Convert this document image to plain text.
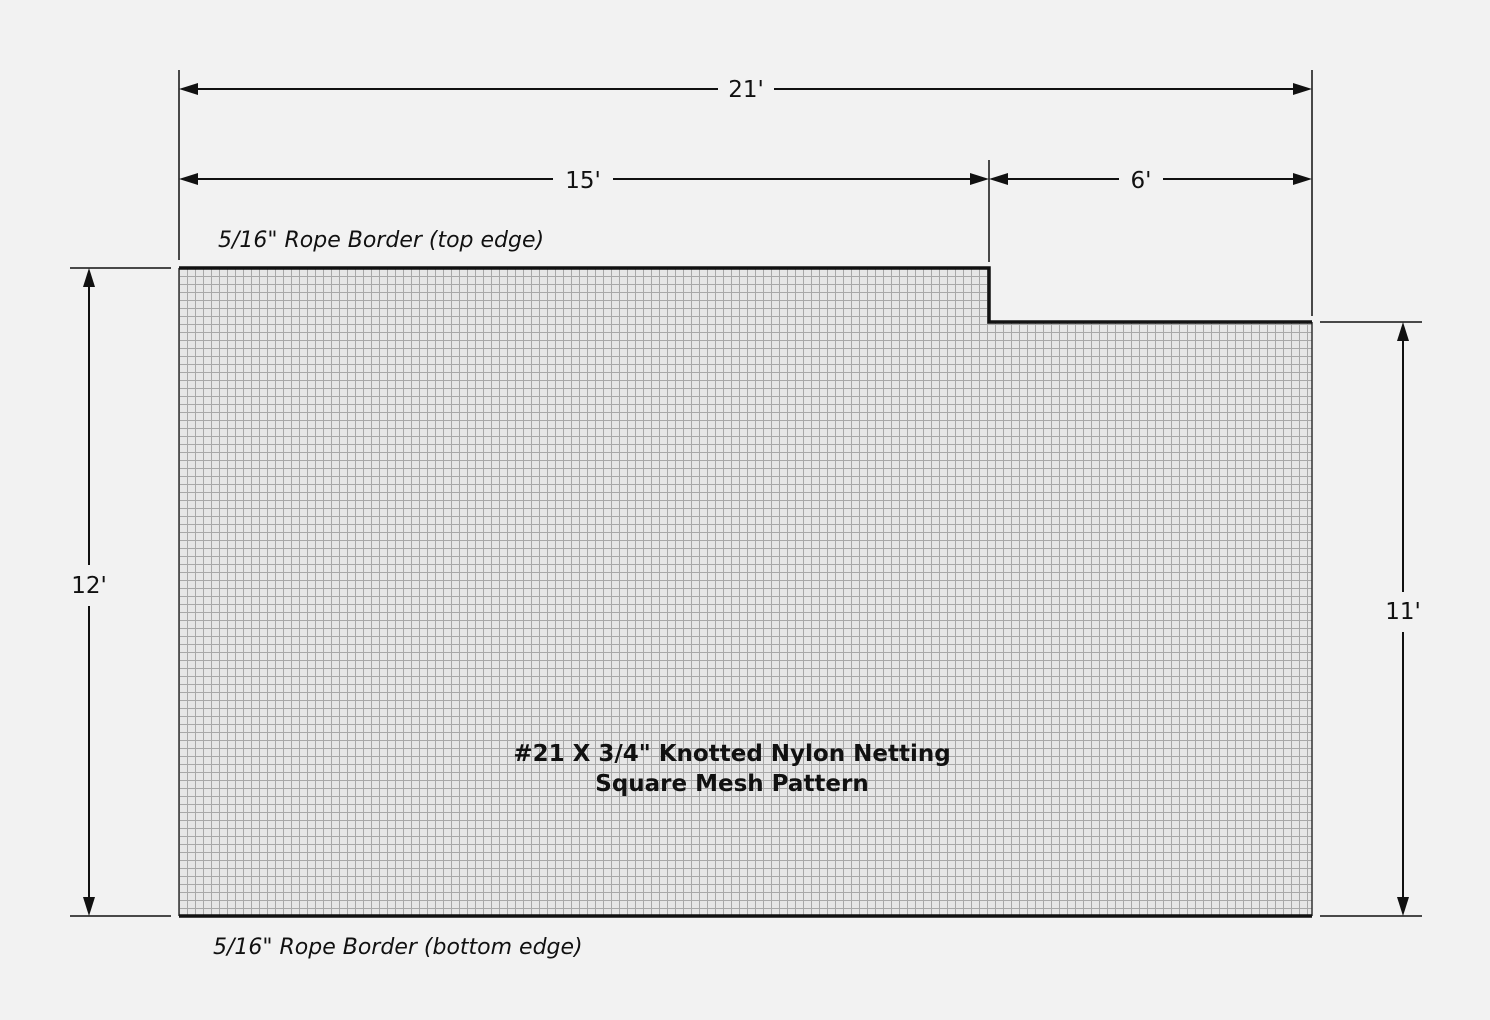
21'
15'	6'
12'
11'
5/16" Rope Border (top edge)
5/16" Rope Border (bottom edge)
#21 X 3/4" Knotted Nylon Netting
Square Mesh Pattern
